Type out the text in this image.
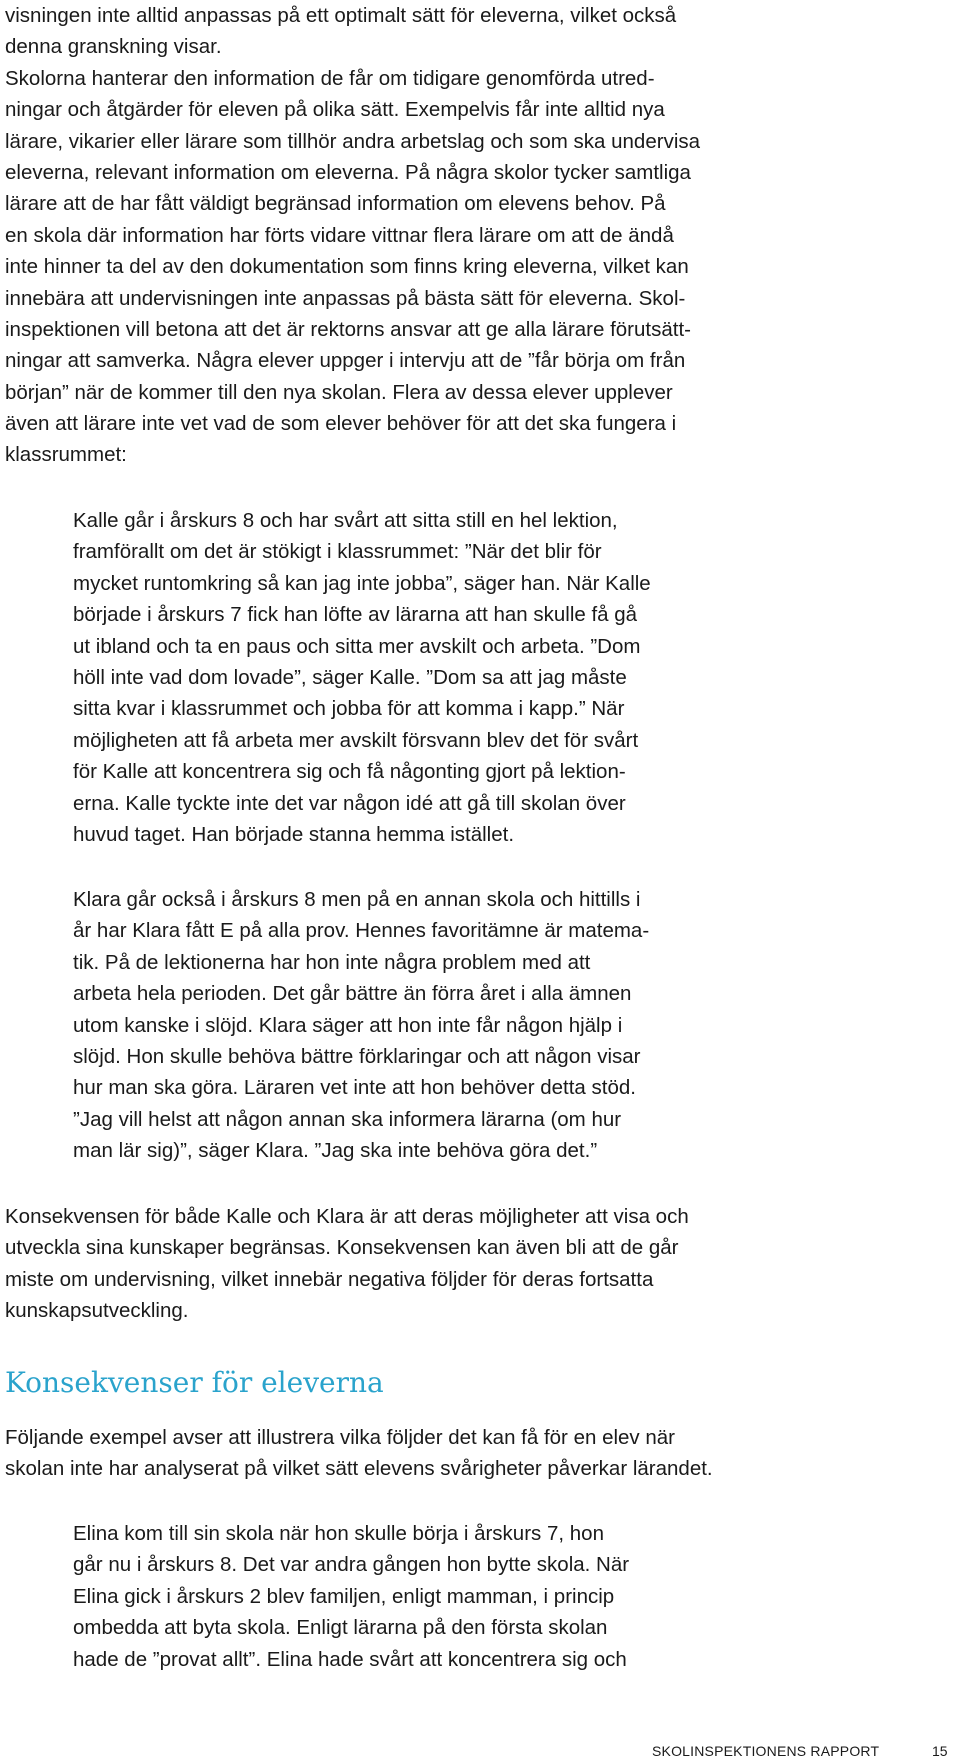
visningen inte alltid anpassas på ett optimalt sätt för eleverna, vilket också

denna granskning visar.

Skolorna hanterar den information de får om tidigare genomförda utred-

ningar och åtgärder för eleven på olika sätt. Exempelvis får inte alltid nya

lärare, vikarier eller lärare som tillhör andra arbetslag och som ska undervisa

eleverna, relevant information om eleverna. På några skolor tycker samtliga

lärare att de har fått väldigt begränsad information om elevens behov. På

en skola där information har förts vidare vittnar flera lärare om att de ändå

inte hinner ta del av den dokumentation som finns kring eleverna, vilket kan

innebära att undervisningen inte anpassas på bästa sätt för eleverna. Skol-

inspektionen vill betona att det är rektorns ansvar att ge alla lärare förutsätt-

ningar att samverka. Några elever uppger i intervju att de ”får börja om från

början” när de kommer till den nya skolan. Flera av dessa elever upplever

även att lärare inte vet vad de som elever behöver för att det ska fungera i

klassrummet:

Kalle går i årskurs 8 och har svårt att sitta still en hel lektion,

framförallt om det är stökigt i klassrummet: ”När det blir för

mycket runtomkring så kan jag inte jobba”, säger han. När Kalle

började i årskurs 7 fick han löfte av lärarna att han skulle få gå

ut ibland och ta en paus och sitta mer avskilt och arbeta. ”Dom

höll inte vad dom lovade”, säger Kalle. ”Dom sa att jag måste

sitta kvar i klassrummet och jobba för att komma i kapp.” När

möjligheten att få arbeta mer avskilt försvann blev det för svårt

för Kalle att koncentrera sig och få någonting gjort på lektion-

erna. Kalle tyckte inte det var någon idé att gå till skolan över

huvud taget. Han började stanna hemma istället.

Klara går också i årskurs 8 men på en annan skola och hittills i

år har Klara fått E på alla prov. Hennes favoritämne är matema-

tik. På de lektionerna har hon inte några problem med att

arbeta hela perioden. Det går bättre än förra året i alla ämnen

utom kanske i slöjd. Klara säger att hon inte får någon hjälp i

slöjd. Hon skulle behöva bättre förklaringar och att någon visar

hur man ska göra. Läraren vet inte att hon behöver detta stöd.

”Jag vill helst att någon annan ska informera lärarna (om hur

man lär sig)”, säger Klara. ”Jag ska inte behöva göra det.”

Konsekvensen för både Kalle och Klara är att deras möjligheter att visa och

utveckla sina kunskaper begränsas. Konsekvensen kan även bli att de går

miste om undervisning, vilket innebär negativa följder för deras fortsatta

kunskapsutveckling.

Konsekvenser för eleverna

Följande exempel avser att illustrera vilka följder det kan få för en elev när

skolan inte har analyserat på vilket sätt elevens svårigheter påverkar lärandet.

Elina kom till sin skola när hon skulle börja i årskurs 7, hon

går nu i årskurs 8. Det var andra gången hon bytte skola. När

Elina gick i årskurs 2 blev familjen, enligt mamman, i princip

ombedda att byta skola. Enligt lärarna på den första skolan

hade de ”provat allt”. Elina hade svårt att koncentrera sig och

SKOLINSPEKTIONENS RAPPORT	15
